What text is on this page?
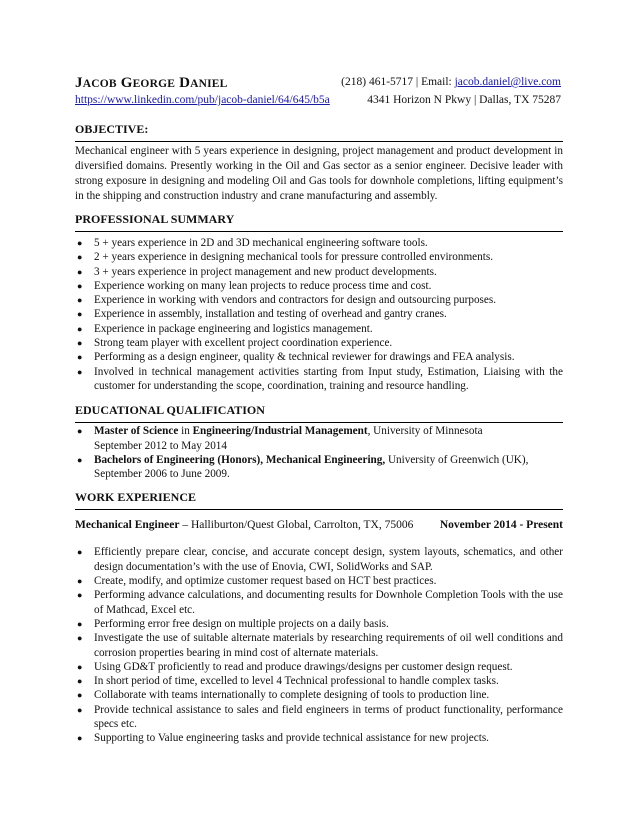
JACOB GEORGE DANIEL	(218) 461-5717 | Email: jacob.daniel@live.com
https://www.linkedin.com/pub/jacob-daniel/64/645/b5a	4341 Horizon N Pkwy | Dallas, TX 75287
OBJECTIVE:
Mechanical engineer with 5 years experience in designing, project management and product development in diversified domains. Presently working in the Oil and Gas sector as a senior engineer. Decisive leader with strong exposure in designing and modeling Oil and Gas tools for downhole completions, lifting equipment’s in the shipping and construction industry and crane manufacturing and assembly.
PROFESSIONAL SUMMARY
● 5 + years experience in 2D and 3D mechanical engineering software tools.
● 2 + years experience in designing mechanical tools for pressure controlled environments.
● 3 + years experience in project management and new product developments.
● Experience working on many lean projects to reduce process time and cost.
● Experience in working with vendors and contractors for design and outsourcing purposes.
● Experience in assembly, installation and testing of overhead and gantry cranes.
● Experience in package engineering and logistics management.
● Strong team player with excellent project coordination experience.
● Performing as a design engineer, quality & technical reviewer for drawings and FEA analysis.
● Involved in technical management activities starting from Input study, Estimation, Liaising with the customer for understanding the scope, coordination, training and resource handling.
EDUCATIONAL QUALIFICATION
● Master of Science in Engineering/Industrial Management, University of Minnesota
September 2012 to May 2014
● Bachelors of Engineering (Honors), Mechanical Engineering, University of Greenwich (UK),
September 2006 to June 2009.
WORK EXPERIENCE
Mechanical Engineer – Halliburton/Quest Global, Carrolton, TX, 75006 November 2014 - Present
● Efficiently prepare clear, concise, and accurate concept design, system layouts, schematics, and other design documentation’s with the use of Enovia, CWI, SolidWorks and SAP.
● Create, modify, and optimize customer request based on HCT best practices.
● Performing advance calculations, and documenting results for Downhole Completion Tools with the use of Mathcad, Excel etc.
● Performing error free design on multiple projects on a daily basis.
● Investigate the use of suitable alternate materials by researching requirements of oil well conditions and corrosion properties bearing in mind cost of alternate materials.
● Using GD&T proficiently to read and produce drawings/designs per customer design request.
● In short period of time, excelled to level 4 Technical professional to handle complex tasks.
● Collaborate with teams internationally to complete designing of tools to production line.
● Provide technical assistance to sales and field engineers in terms of product functionality, performance specs etc.
● Supporting to Value engineering tasks and provide technical assistance for new projects.
